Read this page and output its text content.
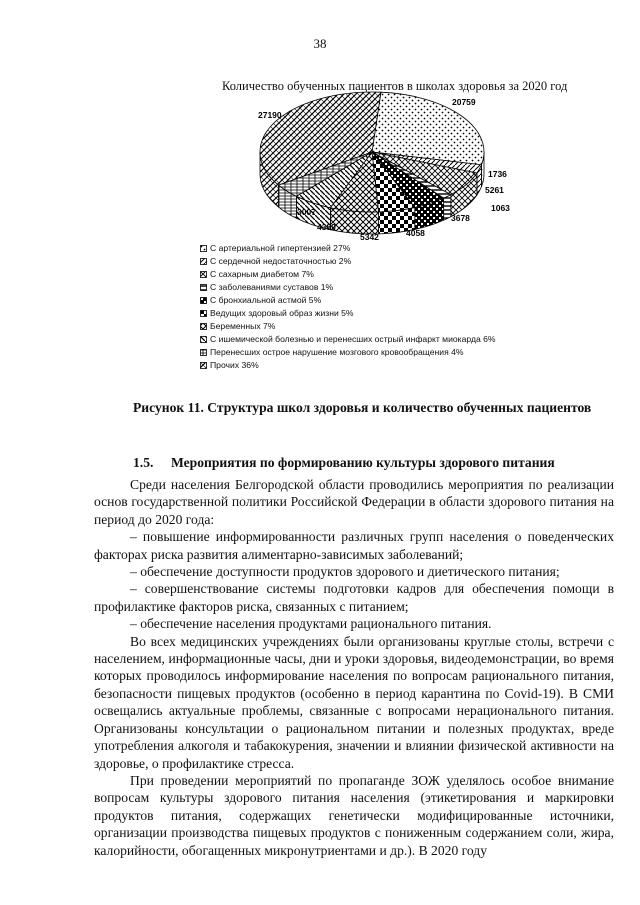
38
Количество обученных пациентов в школах здоровья за 2020 год
20759
1736
5261
1063
3678
4058
5342
4389
3007
27190
С артериальной гипертензией 27%
С сердечной недостаточностью 2%
С сахарным диабетом 7%
С заболеваниями суставов 1%
С бронхиальной астмой 5%
Ведущих здоровый образ жизни 5%
Беременных 7%
С ишемической болезнью и перенесших острый инфаркт миокарда 6%
Перенесших острое нарушение мозгового кровообращения 4%
Прочих 36%
Рисунок 11. Структура школ здоровья и количество обученных пациентов
1.5. Мероприятия по формированию культуры здорового питания

Среди населения Белгородской области проводились мероприятия по реализации основ государственной политики Российской Федерации в области здорового питания на период до 2020 года:

– повышение информированности различных групп населения о поведенческих факторах риска развития алиментарно-зависимых заболеваний;

– обеспечение доступности продуктов здорового и диетического питания;

– совершенствование системы подготовки кадров для обеспечения помощи в профилактике факторов риска, связанных с питанием;

– обеспечение населения продуктами рационального питания.

Во всех медицинских учреждениях были организованы круглые столы, встречи с населением, информационные часы, дни и уроки здоровья, видеодемонстрации, во время которых проводилось информирование населения по вопросам рационального питания, безопасности пищевых продуктов (особенно в период карантина по Covid-19). В СМИ освещались актуальные проблемы, связанные с вопросами нерационального питания. Организованы консультации о рациональном питании и полезных продуктах, вреде употребления алкоголя и табакокурения, значении и влиянии физической активности на здоровье, о профилактике стресса.

При проведении мероприятий по пропаганде ЗОЖ уделялось особое внимание вопросам культуры здорового питания населения (этикетирования и маркировки продуктов питания, содержащих генетически модифицированные источники, организации производства пищевых продуктов с пониженным содержанием соли, жира, калорийности, обогащенных микронутриентами и др.). В 2020 году
